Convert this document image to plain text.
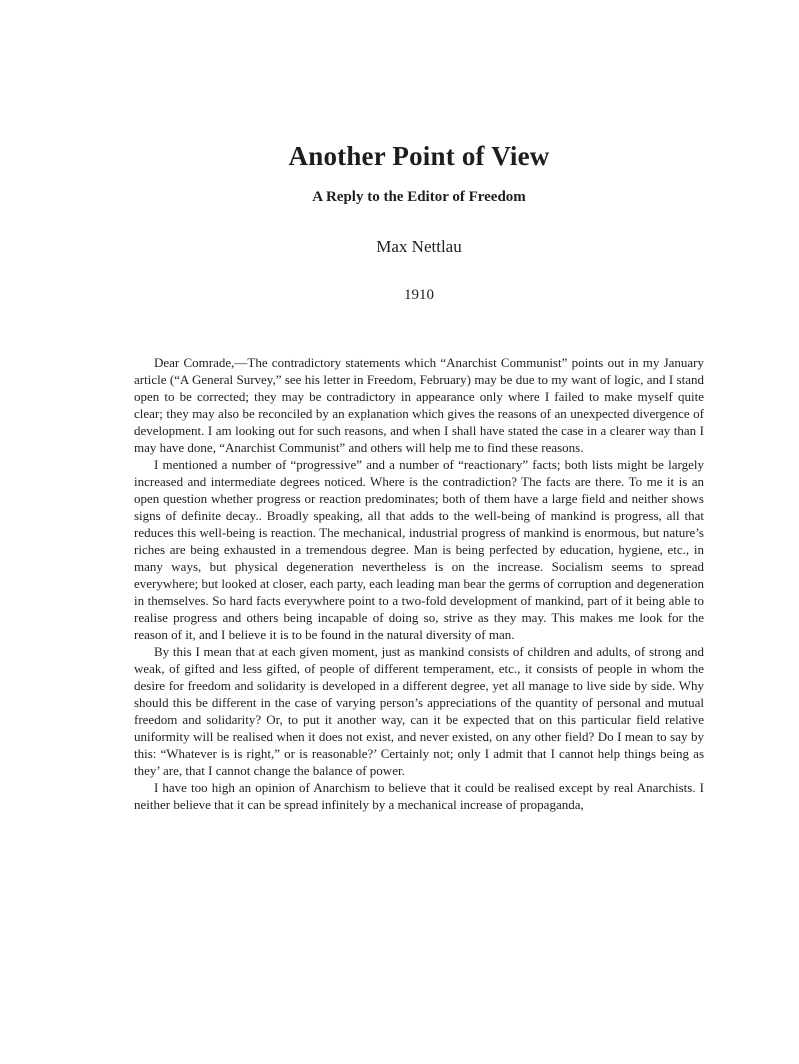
Another Point of View
A Reply to the Editor of Freedom
Max Nettlau
1910

Dear Comrade,—The contradictory statements which “Anarchist Communist” points out in my January article (“A General Survey,” see his letter in Freedom, February) may be due to my want of logic, and I stand open to be corrected; they may be contradictory in appearance only where I failed to make myself quite clear; they may also be reconciled by an explanation which gives the reasons of an unexpected divergence of development. I am looking out for such reasons, and when I shall have stated the case in a clearer way than I may have done, “Anarchist Communist” and others will help me to find these reasons.

I mentioned a number of “progressive” and a number of “reactionary” facts; both lists might be largely increased and intermediate degrees noticed. Where is the contradiction? The facts are there. To me it is an open question whether progress or reaction predominates; both of them have a large field and neither shows signs of definite decay.. Broadly speaking, all that adds to the well-being of mankind is progress, all that reduces this well-being is reaction. The mechanical, industrial progress of mankind is enormous, but nature’s riches are being exhausted in a tremendous degree. Man is being perfected by education, hygiene, etc., in many ways, but physical degeneration nevertheless is on the increase. Socialism seems to spread everywhere; but looked at closer, each party, each leading man bear the germs of corruption and degeneration in themselves. So hard facts everywhere point to a two-fold development of mankind, part of it being able to realise progress and others being incapable of doing so, strive as they may. This makes me look for the reason of it, and I believe it is to be found in the natural diversity of man.

By this I mean that at each given moment, just as mankind consists of children and adults, of strong and weak, of gifted and less gifted, of people of different temperament, etc., it consists of people in whom the desire for freedom and solidarity is developed in a different degree, yet all manage to live side by side. Why should this be different in the case of varying person’s appreciations of the quantity of personal and mutual freedom and solidarity? Or, to put it another way, can it be expected that on this particular field relative uniformity will be realised when it does not exist, and never existed, on any other field? Do I mean to say by this: “Whatever is is right,” or is reasonable?’ Certainly not; only I admit that I cannot help things being as they’ are, that I cannot change the balance of power.

I have too high an opinion of Anarchism to believe that it could be realised except by real Anarchists. I neither believe that it can be spread infinitely by a mechanical increase of propaganda,
